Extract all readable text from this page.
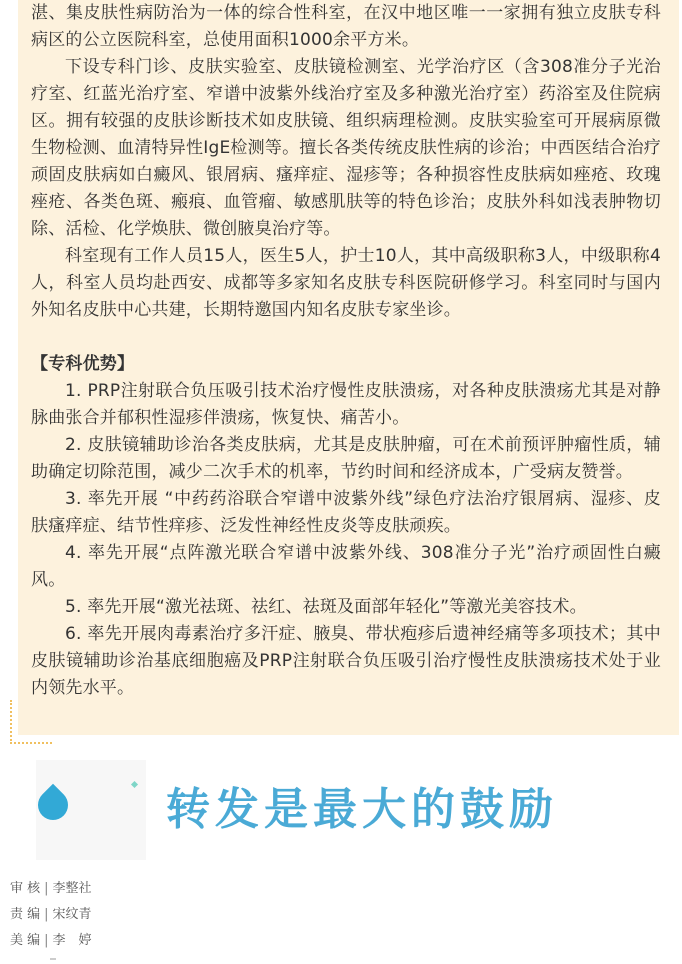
湛、集皮肤性病防治为一体的综合性科室，在汉中地区唯一一家拥有独立皮肤专科病区的公立医院科室，总使用面积1000余平方米。

下设专科门诊、皮肤实验室、皮肤镜检测室、光学治疗区（含308准分子光治疗室、红蓝光治疗室、窄谱中波紫外线治疗室及多种激光治疗室）药浴室及住院病区。拥有较强的皮肤诊断技术如皮肤镜、组织病理检测。皮肤实验室可开展病原微生物检测、血清特异性IgE检测等。擅长各类传统皮肤性病的诊治；中西医结合治疗顽固皮肤病如白癜风、银屑病、瘙痒症、湿疹等；各种损容性皮肤病如痤疮、玫瑰痤疮、各类色斑、瘢痕、血管瘤、敏感肌肤等的特色诊治；皮肤外科如浅表肿物切除、活检、化学焕肤、微创腋臭治疗等。

科室现有工作人员15人，医生5人，护士10人，其中高级职称3人，中级职称4人，科室人员均赴西安、成都等多家知名皮肤专科医院研修学习。科室同时与国内外知名皮肤中心共建，长期特邀国内知名皮肤专家坐诊。

【专科优势】

1. PRP注射联合负压吸引技术治疗慢性皮肤溃疡，对各种皮肤溃疡尤其是对静脉曲张合并郁积性湿疹伴溃疡，恢复快、痛苦小。

2. 皮肤镜辅助诊治各类皮肤病，尤其是皮肤肿瘤，可在术前预评肿瘤性质，辅助确定切除范围，减少二次手术的机率，节约时间和经济成本，广受病友赞誉。

3. 率先开展 “中药药浴联合窄谱中波紫外线”绿色疗法治疗银屑病、湿疹、皮肤瘙痒症、结节性痒疹、泛发性神经性皮炎等皮肤顽疾。

4. 率先开展“点阵激光联合窄谱中波紫外线、308准分子光”治疗顽固性白癜风。

5. 率先开展“激光祛斑、祛红、祛斑及面部年轻化”等激光美容技术。

6. 率先开展肉毒素治疗多汗症、腋臭、带状疱疹后遗神经痛等多项技术；其中皮肤镜辅助诊治基底细胞癌及PRP注射联合负压吸引治疗慢性皮肤溃疡技术处于业内领先水平。

转发是最大的鼓励
审 核 | 李整社
责 编 | 宋纹青
美 编 | 李　婷
